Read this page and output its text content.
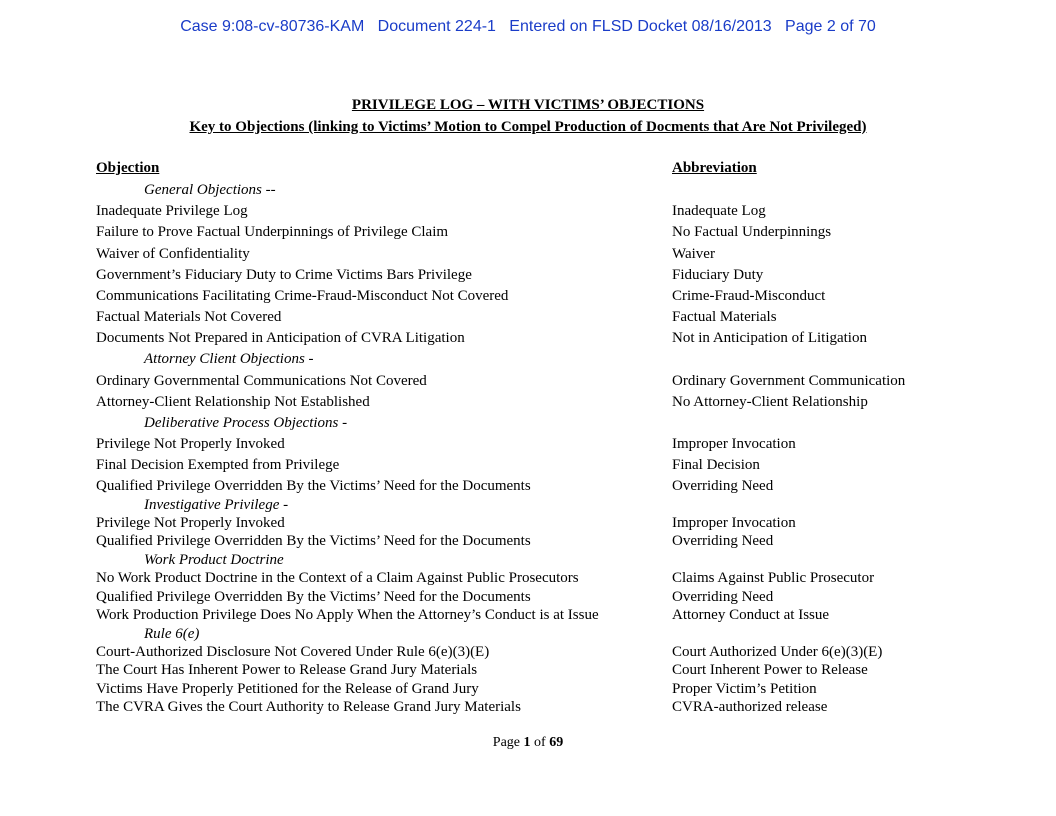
Case 9:08-cv-80736-KAM Document 224-1 Entered on FLSD Docket 08/16/2013 Page 2 of 70
PRIVILEGE LOG – WITH VICTIMS’ OBJECTIONS
Key to Objections (linking to Victims’ Motion to Compel Production of Docments that Are Not Privileged)
Objection	Abbreviation
General Objections --
Inadequate Privilege Log	Inadequate Log
Failure to Prove Factual Underpinnings of Privilege Claim	No Factual Underpinnings
Waiver of Confidentiality	Waiver
Government’s Fiduciary Duty to Crime Victims Bars Privilege	Fiduciary Duty
Communications Facilitating Crime-Fraud-Misconduct Not Covered	Crime-Fraud-Misconduct
Factual Materials Not Covered	Factual Materials
Documents Not Prepared in Anticipation of CVRA Litigation	Not in Anticipation of Litigation
Attorney Client Objections -
Ordinary Governmental Communications Not Covered	Ordinary Government Communication
Attorney-Client Relationship Not Established	No Attorney-Client Relationship
Deliberative Process Objections -
Privilege Not Properly Invoked	Improper Invocation
Final Decision Exempted from Privilege	Final Decision
Qualified Privilege Overridden By the Victims’ Need for the Documents	Overriding Need
Investigative Privilege -
Privilege Not Properly Invoked	Improper Invocation
Qualified Privilege Overridden By the Victims’ Need for the Documents	Overriding Need
Work Product Doctrine
No Work Product Doctrine in the Context of a Claim Against Public Prosecutors	Claims Against Public Prosecutor
Qualified Privilege Overridden By the Victims’ Need for the Documents	Overriding Need
Work Production Privilege Does No Apply When the Attorney’s Conduct is at Issue	Attorney Conduct at Issue
Rule 6(e)
Court-Authorized Disclosure Not Covered Under Rule 6(e)(3)(E)	Court Authorized Under 6(e)(3)(E)
The Court Has Inherent Power to Release Grand Jury Materials	Court Inherent Power to Release
Victims Have Properly Petitioned for the Release of Grand Jury	Proper Victim’s Petition
The CVRA Gives the Court Authority to Release Grand Jury Materials	CVRA-authorized release
Page 1 of 69
